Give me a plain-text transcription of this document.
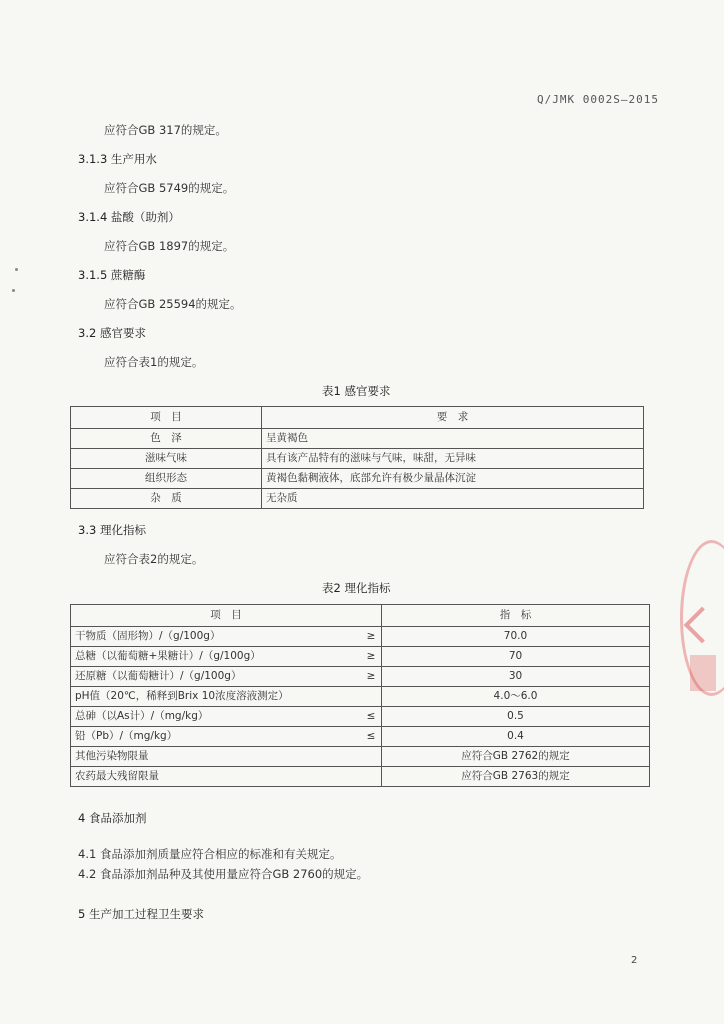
Q/JMK 0002S—2015
应符合GB 317的规定。
3.1.3 生产用水
应符合GB 5749的规定。
3.1.4 盐酸（助剂）
应符合GB 1897的规定。
3.1.5 蔗糖酶
应符合GB 25594的规定。
3.2 感官要求
应符合表1的规定。
表1 感官要求
项　目	要　求
色　泽	呈黄褐色
滋味气味	具有该产品特有的滋味与气味，味甜，无异味
组织形态	黄褐色黏稠液体，底部允许有极少量晶体沉淀
杂　质	无杂质
3.3 理化指标
应符合表2的规定。
表2 理化指标
项　目		指　标
干物质（固形物）/（g/100g）	≥	70.0
总糖（以葡萄糖+果糖计）/（g/100g）	≥	70
还原糖（以葡萄糖计）/（g/100g）	≥	30
pH值（20℃，稀释到Brix 10浓度溶液测定）		4.0～6.0
总砷（以As计）/（mg/kg）	≤	0.5
铅（Pb）/（mg/kg）	≤	0.4
其他污染物限量		应符合GB 2762的规定
农药最大残留限量		应符合GB 2763的规定
4 食品添加剂
4.1 食品添加剂质量应符合相应的标准和有关规定。
4.2 食品添加剂品种及其使用量应符合GB 2760的规定。
5 生产加工过程卫生要求
2
